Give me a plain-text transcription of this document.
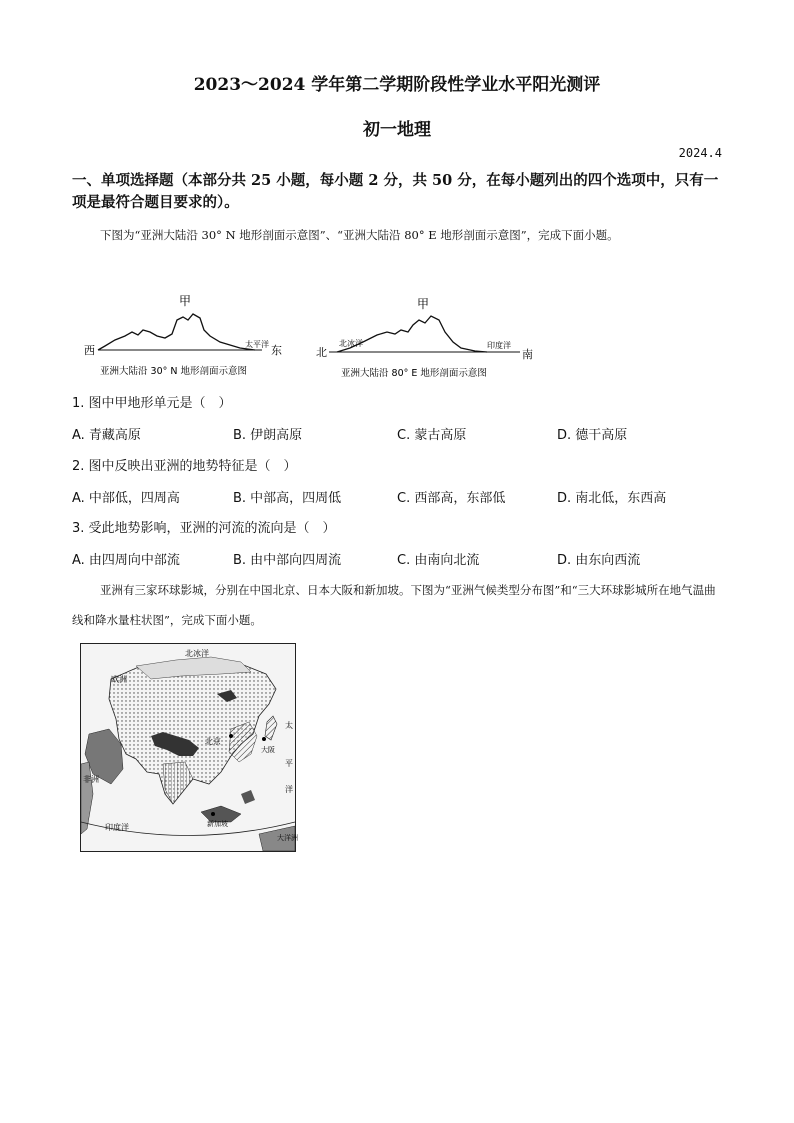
2023～2024 学年第二学期阶段性学业水平阳光测评
初一地理
2024.4
一、单项选择题（本部分共 25 小题，每小题 2 分，共 50 分，在每小题列出的四个选项中，只有一项是最符合题目要求的）。
下图为“亚洲大陆沿 30° N 地形剖面示意图”、“亚洲大陆沿 80° E 地形剖面示意图”，完成下面小题。
甲
西	东
太平洋
亚洲大陆沿 30° N 地形剖面示意图
甲
北	南
北冰洋	印度洋
亚洲大陆沿 80° E 地形剖面示意图
1. 图中甲地形单元是（　）
A. 青藏高原	B. 伊朗高原	C. 蒙古高原	D. 德干高原
2. 图中反映出亚洲的地势特征是（　）
A. 中部低，四周高	B. 中部高，四周低	C. 西部高，东部低	D. 南北低，东西高
3. 受此地势影响，亚洲的河流的流向是（　）
A. 由四周向中部流	B. 由中部向四周流	C. 由南向北流	D. 由东向西流
亚洲有三家环球影城，分别在中国北京、日本大阪和新加坡。下图为“亚洲气候类型分布图”和“三大环球影城所在地气温曲线和降水量柱状图”，完成下面小题。
北冰洋
欧洲
北京
大阪
非洲
印度洋	新加坡
太
平
洋
大洋洲
